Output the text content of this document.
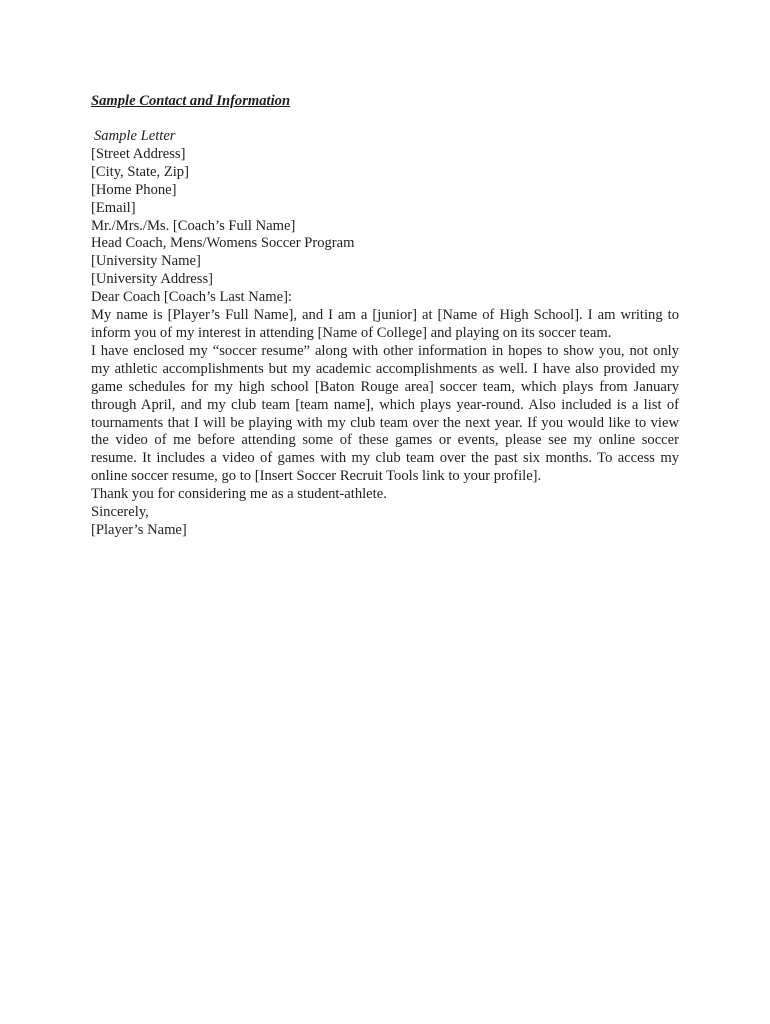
Sample Contact and Information

Sample Letter

[Street Address]

[City, State, Zip]

[Home Phone]

[Email]

Mr./Mrs./Ms. [Coach’s Full Name]

Head Coach, Mens/Womens Soccer Program

[University Name]

[University Address]

Dear Coach [Coach’s Last Name]:

My name is [Player’s Full Name], and I am a [junior] at [Name of High School]. I am writing to inform you of my interest in attending [Name of College] and playing on its soccer team.

I have enclosed my “soccer resume” along with other information in hopes to show you, not only my athletic accomplishments but my academic accomplishments as well. I have also provided my game schedules for my high school [Baton Rouge area] soccer team, which plays from January through April, and my club team [team name], which plays year-round. Also included is a list of tournaments that I will be playing with my club team over the next year. If you would like to view the video of me before attending some of these games or events, please see my online soccer resume. It includes a video of games with my club team over the past six months. To access my online soccer resume, go to [Insert Soccer Recruit Tools link to your profile].

Thank you for considering me as a student-athlete.

Sincerely,

[Player’s Name]
